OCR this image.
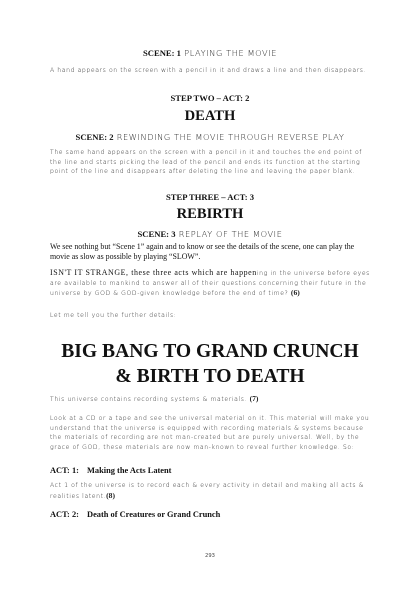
SCENE: 1 PLAYING THE MOVIE
A hand appears on the screen with a pencil in it and draws a line and then disappears.
STEP TWO – ACT: 2
DEATH
SCENE: 2 REWINDING THE MOVIE THROUGH REVERSE PLAY
The same hand appears on the screen with a pencil in it and touches the end point of the line and starts picking the lead of the pencil and ends its function at the starting point of the line and disappears after deleting the line and leaving the paper blank.
STEP THREE – ACT: 3
REBIRTH
SCENE: 3 REPLAY OF THE MOVIE
We see nothing but “Scene 1” again and to know or see the details of the scene, one can play the movie as slow as possible by playing “SLOW”.
ISN'T IT STRANGE, these three acts which are happening in the universe before eyes are available to mankind to answer all of their questions concerning their future in the universe by GOD & GOD-given knowledge before the end of time? (6)
Let me tell you the further details:
BIG BANG TO GRAND CRUNCH
& BIRTH TO DEATH
This universe contains recording systems & materials. (7)
Look at a CD or a tape and see the universal material on it. This material will make you understand that the universe is equipped with recording materials & systems because the materials of recording are not man-created but are purely universal. Well, by the grace of GOD, these materials are now man-known to reveal further knowledge. So:
ACT: 1: Making the Acts Latent
Act 1 of the universe is to record each & every activity in detail and making all acts & realities latent.(8)
ACT: 2: Death of Creatures or Grand Crunch
293
